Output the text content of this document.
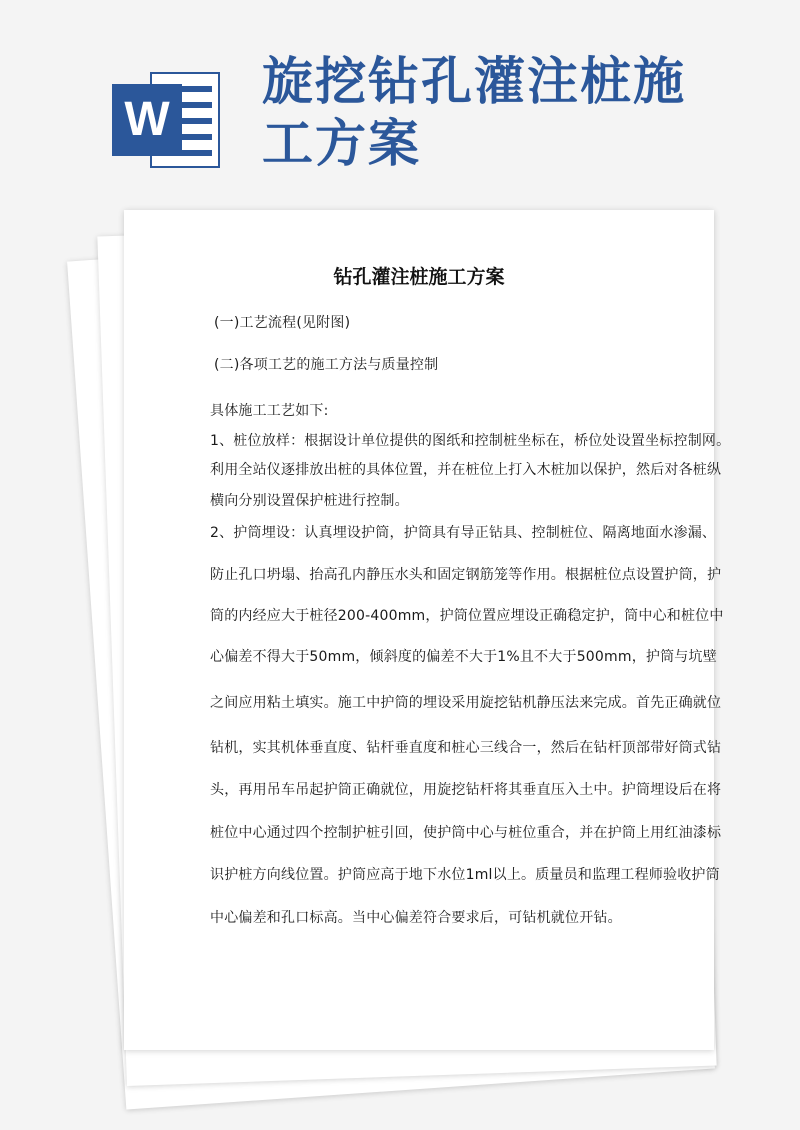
W
旋挖钻孔灌注桩施工方案
钻孔灌注桩施工方案
(一)工艺流程(见附图)
(二)各项工艺的施工方法与质量控制
具体施工工艺如下:
1、桩位放样：根据设计单位提供的图纸和控制桩坐标在，桥位处设置坐标控制网。
利用全站仪逐排放出桩的具体位置，并在桩位上打入木桩加以保护，然后对各桩纵
横向分别设置保护桩进行控制。
2、护筒埋设：认真埋设护筒，护筒具有导正钻具、控制桩位、隔离地面水渗漏、
防止孔口坍塌、抬高孔内静压水头和固定钢筋笼等作用。根据桩位点设置护筒，护
筒的内经应大于桩径200-400mm，护筒位置应埋设正确稳定护，筒中心和桩位中
心偏差不得大于50mm，倾斜度的偏差不大于1%且不大于500mm，护筒与坑壁
之间应用粘土填实。施工中护筒的埋设采用旋挖钻机静压法来完成。首先正确就位
钻机，实其机体垂直度、钻杆垂直度和桩心三线合一，然后在钻杆顶部带好筒式钻
头，再用吊车吊起护筒正确就位，用旋挖钻杆将其垂直压入土中。护筒埋设后在将
桩位中心通过四个控制护桩引回，使护筒中心与桩位重合，并在护筒上用红油漆标
识护桩方向线位置。护筒应高于地下水位1ml以上。质量员和监理工程师验收护筒
中心偏差和孔口标高。当中心偏差符合要求后，可钻机就位开钻。
